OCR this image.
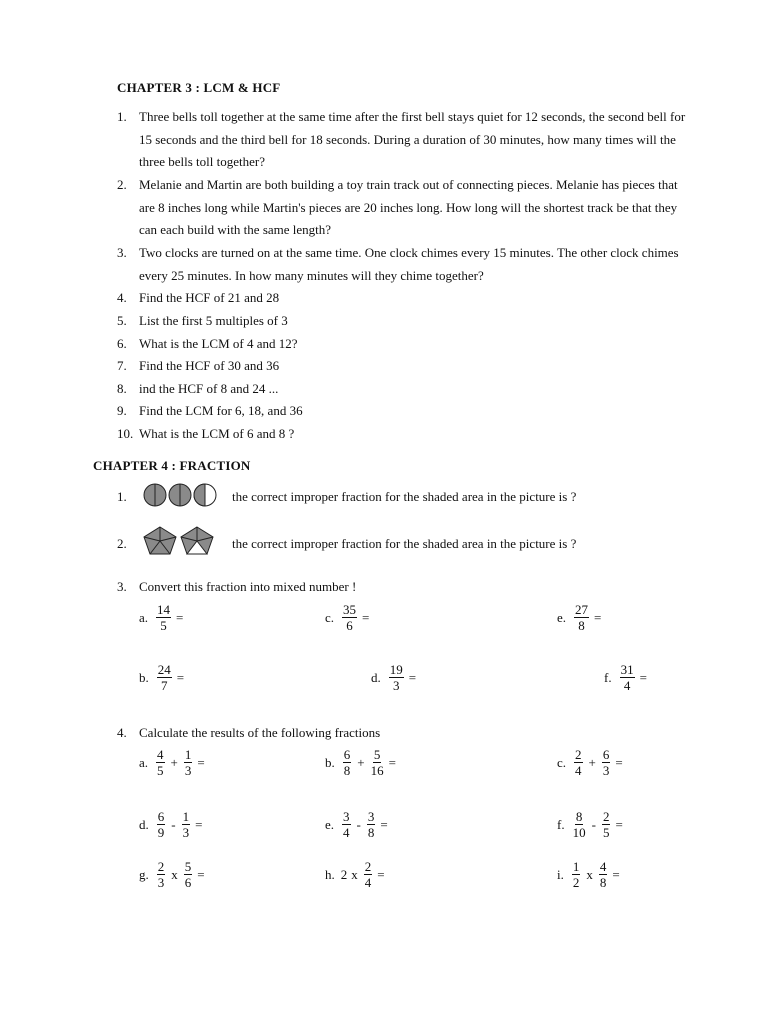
CHAPTER 3 : LCM & HCF
1. Three bells toll together at the same time after the first bell stays quiet for 12 seconds, the second bell for 15 seconds and the third bell for 18 seconds. During a duration of 30 minutes, how many times will the three bells toll together?
2. Melanie and Martin are both building a toy train track out of connecting pieces. Melanie has pieces that are 8 inches long while Martin's pieces are 20 inches long. How long will the shortest track be that they can each build with the same length?
3. Two clocks are turned on at the same time. One clock chimes every 15 minutes. The other clock chimes every 25 minutes. In how many minutes will they chime together?
4. Find the HCF of 21 and 28
5. List the first 5 multiples of 3
6. What is the LCM of 4 and 12?
7. Find the HCF of 30 and 36
8. ind the HCF of 8 and 24 ...
9. Find the LCM for 6, 18, and 36
10. What is the LCM of 6 and 8 ?
CHAPTER 4 : FRACTION
1.	the correct improper fraction for the shaded area in the picture is ?
2.	the correct improper fraction for the shaded area in the picture is ?
3. Convert this fraction into mixed number !
a. $\frac{14}{5}$ =	c. $\frac{35}{6}$ =	e. $\frac{27}{8}$ =
b. $\frac{24}{7}$ =	d. $\frac{19}{3}$ =	f. $\frac{31}{4}$ =
4. Calculate the results of the following fractions
a. $\frac{4}{5} + \frac{1}{3}$ =	b. $\frac{6}{8} + \frac{5}{16}$ =	c. $\frac{2}{4} + \frac{6}{3}$ =
d. $\frac{6}{9} - \frac{1}{3}$ =	e. $\frac{3}{4} - \frac{3}{8}$ =	f. $\frac{8}{10} - \frac{2}{5}$ =
g. $\frac{2}{3}$ x $\frac{5}{6}$ =	h. 2 x $\frac{2}{4}$ =	i. $\frac{1}{2}$ x $\frac{4}{8}$ =
